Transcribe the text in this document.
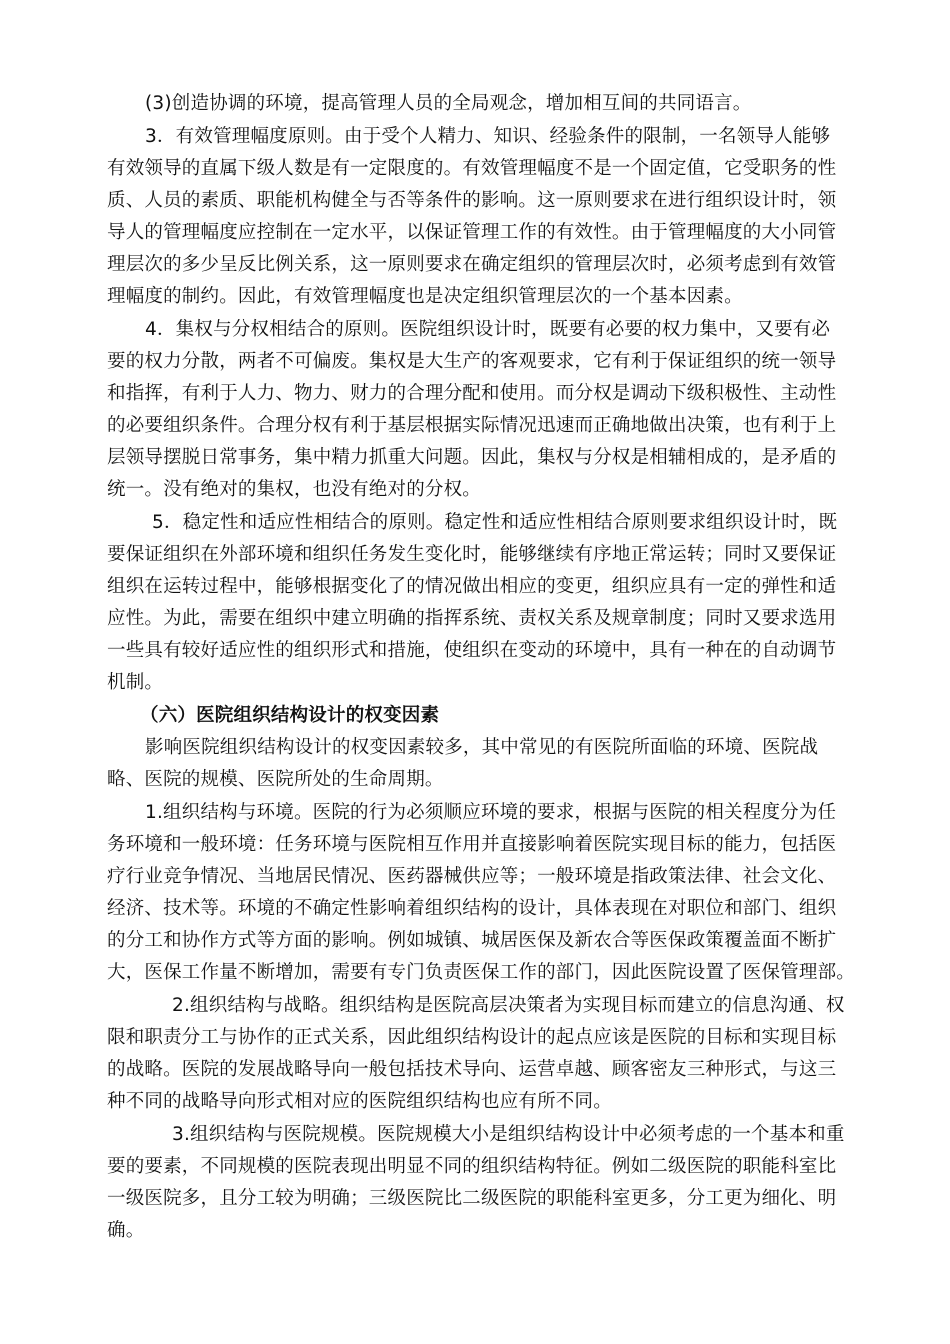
(3)创造协调的环境，提高管理人员的全局观念，增加相互间的共同语言。
3．有效管理幅度原则。由于受个人精力、知识、经验条件的限制，一名领导人能够
有效领导的直属下级人数是有一定限度的。有效管理幅度不是一个固定值，它受职务的性
质、人员的素质、职能机构健全与否等条件的影响。这一原则要求在进行组织设计时，领
导人的管理幅度应控制在一定水平，以保证管理工作的有效性。由于管理幅度的大小同管
理层次的多少呈反比例关系，这一原则要求在确定组织的管理层次时，必须考虑到有效管
理幅度的制约。因此，有效管理幅度也是决定组织管理层次的一个基本因素。
4．集权与分权相结合的原则。医院组织设计时，既要有必要的权力集中，又要有必
要的权力分散，两者不可偏废。集权是大生产的客观要求，它有利于保证组织的统一领导
和指挥，有利于人力、物力、财力的合理分配和使用。而分权是调动下级积极性、主动性
的必要组织条件。合理分权有利于基层根据实际情况迅速而正确地做出决策，也有利于上
层领导摆脱日常事务，集中精力抓重大问题。因此，集权与分权是相辅相成的，是矛盾的
统一。没有绝对的集权，也没有绝对的分权。
5．稳定性和适应性相结合的原则。稳定性和适应性相结合原则要求组织设计时，既
要保证组织在外部环境和组织任务发生变化时，能够继续有序地正常运转；同时又要保证
组织在运转过程中，能够根据变化了的情况做出相应的变更，组织应具有一定的弹性和适
应性。为此，需要在组织中建立明确的指挥系统、责权关系及规章制度；同时又要求选用
一些具有较好适应性的组织形式和措施，使组织在变动的环境中，具有一种在的自动调节
机制。
（六）医院组织结构设计的权变因素
影响医院组织结构设计的权变因素较多，其中常见的有医院所面临的环境、医院战
略、医院的规模、医院所处的生命周期。
1.组织结构与环境。医院的行为必须顺应环境的要求，根据与医院的相关程度分为任
务环境和一般环境：任务环境与医院相互作用并直接影响着医院实现目标的能力，包括医
疗行业竞争情况、当地居民情况、医药器械供应等；一般环境是指政策法律、社会文化、
经济、技术等。环境的不确定性影响着组织结构的设计，具体表现在对职位和部门、组织
的分工和协作方式等方面的影响。例如城镇、城居医保及新农合等医保政策覆盖面不断扩
大，医保工作量不断增加，需要有专门负责医保工作的部门，因此医院设置了医保管理部。
2.组织结构与战略。组织结构是医院高层决策者为实现目标而建立的信息沟通、权
限和职责分工与协作的正式关系，因此组织结构设计的起点应该是医院的目标和实现目标
的战略。医院的发展战略导向一般包括技术导向、运营卓越、顾客密友三种形式，与这三
种不同的战略导向形式相对应的医院组织结构也应有所不同。
3.组织结构与医院规模。医院规模大小是组织结构设计中必须考虑的一个基本和重
要的要素，不同规模的医院表现出明显不同的组织结构特征。例如二级医院的职能科室比
一级医院多，且分工较为明确；三级医院比二级医院的职能科室更多，分工更为细化、明
确。
